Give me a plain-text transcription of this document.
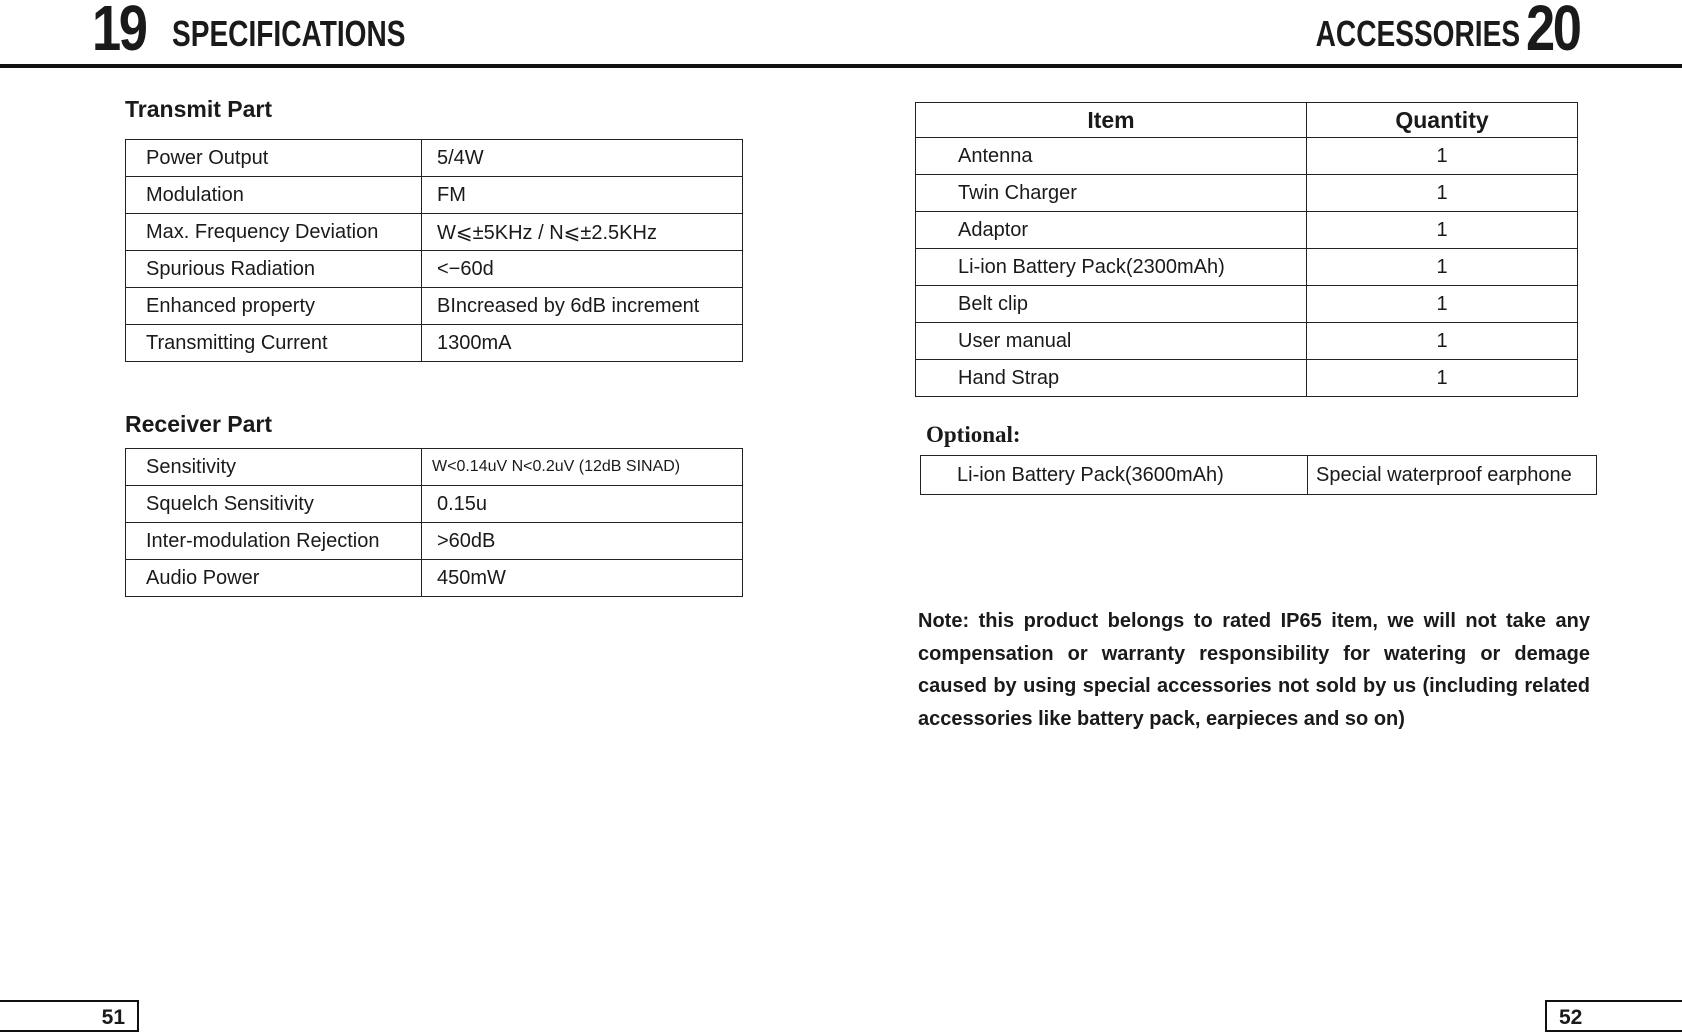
19 SPECIFICATIONS	ACCESSORIES 20
Transmit Part
Power Output	5/4W
Modulation	FM
Max. Frequency Deviation	W⩽±5KHz / N⩽±2.5KHz
Spurious Radiation	<−60d
Enhanced property	BIncreased by 6dB increment
Transmitting Current	1300mA
Receiver Part
Sensitivity	W<0.14uV N<0.2uV (12dB SINAD)
Squelch Sensitivity	0.15u
Inter-modulation Rejection	>60dB
Audio Power	450mW
Item	Quantity
Antenna	1
Twin Charger	1
Adaptor	1
Li-ion Battery Pack(2300mAh)	1
Belt clip	1
User manual	1
Hand Strap	1
Optional:
Li-ion Battery Pack(3600mAh)	Special waterproof earphone
Note: this product belongs to rated IP65 item, we will not take any compensation or warranty responsibility for watering or demage caused by using special accessories not sold by us (including related accessories like battery pack, earpieces and so on)
51	52
